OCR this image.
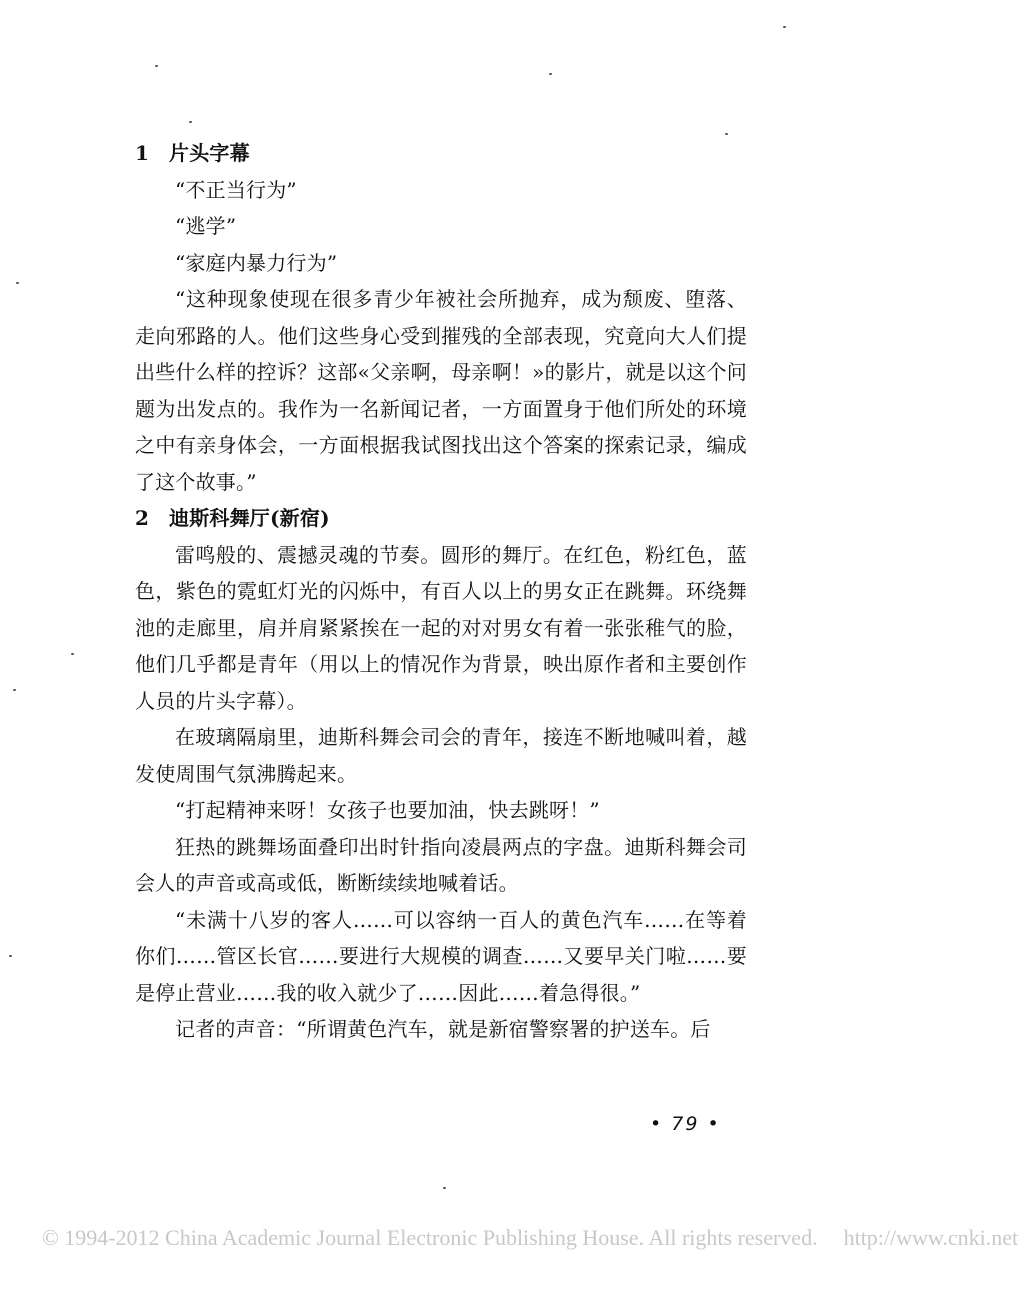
1 片头字幕

“不正当行为”

“逃学”

“家庭内暴力行为”

“这种现象使现在很多青少年被社会所抛弃，成为颓废、堕落、走向邪路的人。他们这些身心受到摧残的全部表现，究竟向大人们提出些什么样的控诉？这部«父亲啊，母亲啊！»的影片，就是以这个问题为出发点的。我作为一名新闻记者，一方面置身于他们所处的环境之中有亲身体会，一方面根据我试图找出这个答案的探索记录，编成了这个故事。”

2 迪斯科舞厅(新宿)

雷鸣般的、震撼灵魂的节奏。圆形的舞厅。在红色，粉红色，蓝色，紫色的霓虹灯光的闪烁中，有百人以上的男女正在跳舞。环绕舞池的走廊里，肩并肩紧紧挨在一起的对对男女有着一张张稚气的脸，他们几乎都是青年（用以上的情况作为背景，映出原作者和主要创作人员的片头字幕）。

在玻璃隔扇里，迪斯科舞会司会的青年，接连不断地喊叫着，越发使周围气氛沸腾起来。

“打起精神来呀！女孩子也要加油，快去跳呀！”

狂热的跳舞场面叠印出时针指向凌晨两点的字盘。迪斯科舞会司会人的声音或高或低，断断续续地喊着话。

“未满十八岁的客人……可以容纳一百人的黄色汽车……在等着你们……管区长官……要进行大规模的调查……又要早关门啦……要是停止营业……我的收入就少了……因此……着急得很。”

记者的声音：“所谓黄色汽车，就是新宿警察署的护送车。后

• 79 •
© 1994-2012 China Academic Journal Electronic Publishing House. All rights reserved. http://www.cnki.net
